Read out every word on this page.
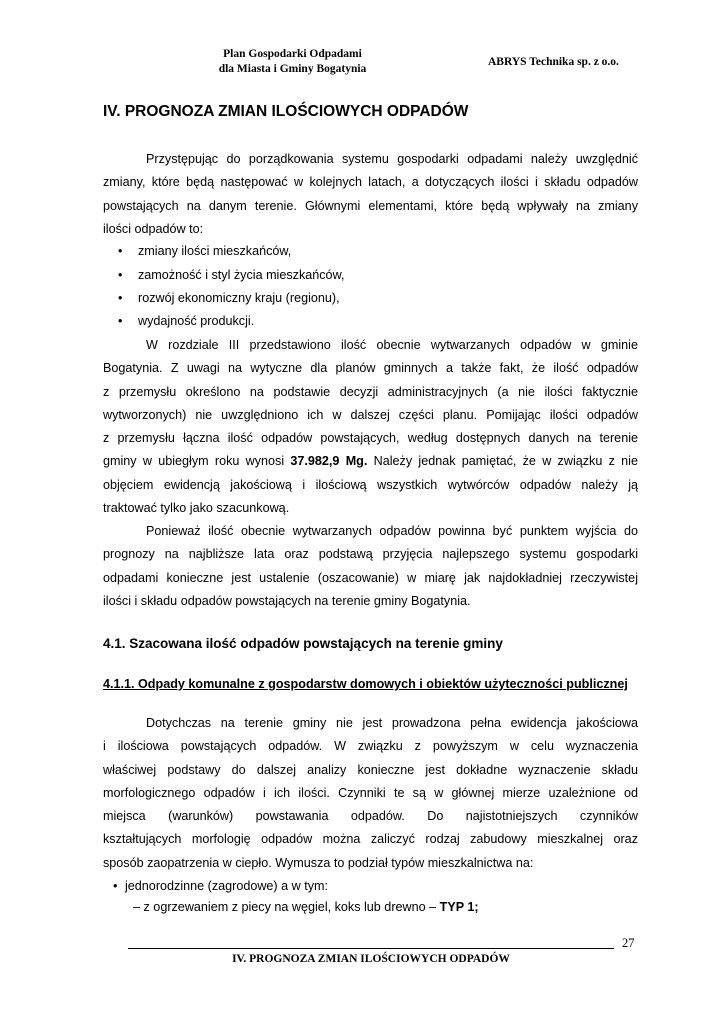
Plan Gospodarki Odpadami
dla Miasta i Gminy Bogatynia
ABRYS Technika sp. z o.o.
IV. PROGNOZA ZMIAN ILOŚCIOWYCH ODPADÓW
Przystępując do porządkowania systemu gospodarki odpadami należy uwzględnić
zmiany, które będą następować w kolejnych latach, a dotyczących ilości i składu odpadów
powstających na danym terenie. Głównymi elementami, które będą wpływały na zmiany
ilości odpadów to:
• zmiany ilości mieszkańców,
• zamożność i styl życia mieszkańców,
• rozwój ekonomiczny kraju (regionu),
• wydajność produkcji.
W rozdziale III przedstawiono ilość obecnie wytwarzanych odpadów w gminie
Bogatynia. Z uwagi na wytyczne dla planów gminnych a także fakt, że ilość odpadów
z przemysłu określono na podstawie decyzji administracyjnych (a nie ilości faktycznie
wytworzonych) nie uwzględniono ich w dalszej części planu. Pomijając ilości odpadów
z przemysłu łączna ilość odpadów powstających, według dostępnych danych na terenie
gminy w ubiegłym roku wynosi 37.982,9 Mg. Należy jednak pamiętać, że w związku z nie
objęciem ewidencją jakościową i ilościową wszystkich wytwórców odpadów należy ją
traktować tylko jako szacunkową.
Ponieważ ilość obecnie wytwarzanych odpadów powinna być punktem wyjścia do
prognozy na najbliższe lata oraz podstawą przyjęcia najlepszego systemu gospodarki
odpadami konieczne jest ustalenie (oszacowanie) w miarę jak najdokładniej rzeczywistej
ilości i składu odpadów powstających na terenie gminy Bogatynia.
4.1. Szacowana ilość odpadów powstających na terenie gminy
4.1.1. Odpady komunalne z gospodarstw domowych i obiektów użyteczności publicznej
Dotychczas na terenie gminy nie jest prowadzona pełna ewidencja jakościowa
i ilościowa powstających odpadów. W związku z powyższym w celu wyznaczenia
właściwej podstawy do dalszej analizy konieczne jest dokładne wyznaczenie składu
morfologicznego odpadów i ich ilości. Czynniki te są w głównej mierze uzależnione od
miejsca (warunków) powstawania odpadów. Do najistotniejszych czynników
kształtujących morfologię odpadów można zaliczyć rodzaj zabudowy mieszkalnej oraz
sposób zaopatrzenia w ciepło. Wymusza to podział typów mieszkalnictwa na:
• jednorodzinne (zagrodowe) a w tym:
– z ogrzewaniem z piecy na węgiel, koks lub drewno – TYP 1;
27
IV. PROGNOZA ZMIAN ILOŚCIOWYCH ODPADÓW
